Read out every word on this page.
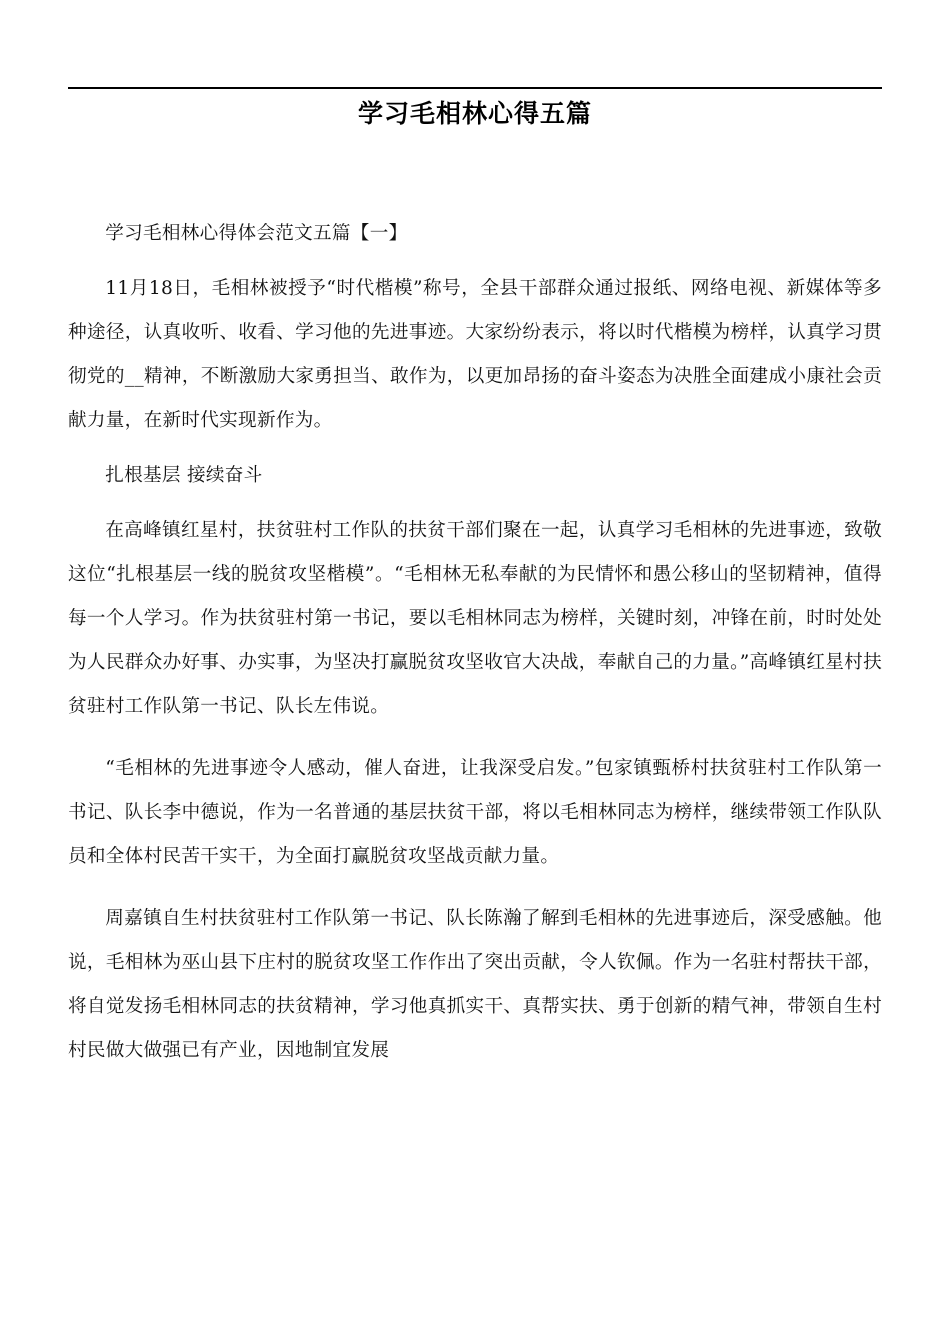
学习毛相林心得五篇

学习毛相林心得体会范文五篇【一】

11月18日，毛相林被授予“时代楷模”称号，全县干部群众通过报纸、网络电视、新媒体等多种途径，认真收听、收看、学习他的先进事迹。大家纷纷表示，将以时代楷模为榜样，认真学习贯彻党的__精神，不断激励大家勇担当、敢作为，以更加昂扬的奋斗姿态为决胜全面建成小康社会贡献力量，在新时代实现新作为。

扎根基层 接续奋斗

在高峰镇红星村，扶贫驻村工作队的扶贫干部们聚在一起，认真学习毛相林的先进事迹，致敬这位“扎根基层一线的脱贫攻坚楷模”。“毛相林无私奉献的为民情怀和愚公移山的坚韧精神，值得每一个人学习。作为扶贫驻村第一书记，要以毛相林同志为榜样，关键时刻，冲锋在前，时时处处为人民群众办好事、办实事，为坚决打赢脱贫攻坚收官大决战，奉献自己的力量。”高峰镇红星村扶贫驻村工作队第一书记、队长左伟说。

“毛相林的先进事迹令人感动，催人奋进，让我深受启发。”包家镇甄桥村扶贫驻村工作队第一书记、队长李中德说，作为一名普通的基层扶贫干部，将以毛相林同志为榜样，继续带领工作队队员和全体村民苦干实干，为全面打赢脱贫攻坚战贡献力量。

周嘉镇自生村扶贫驻村工作队第一书记、队长陈瀚了解到毛相林的先进事迹后，深受感触。他说，毛相林为巫山县下庄村的脱贫攻坚工作作出了突出贡献，令人钦佩。作为一名驻村帮扶干部，将自觉发扬毛相林同志的扶贫精神，学习他真抓实干、真帮实扶、勇于创新的精气神，带领自生村村民做大做强已有产业，因地制宜发展
